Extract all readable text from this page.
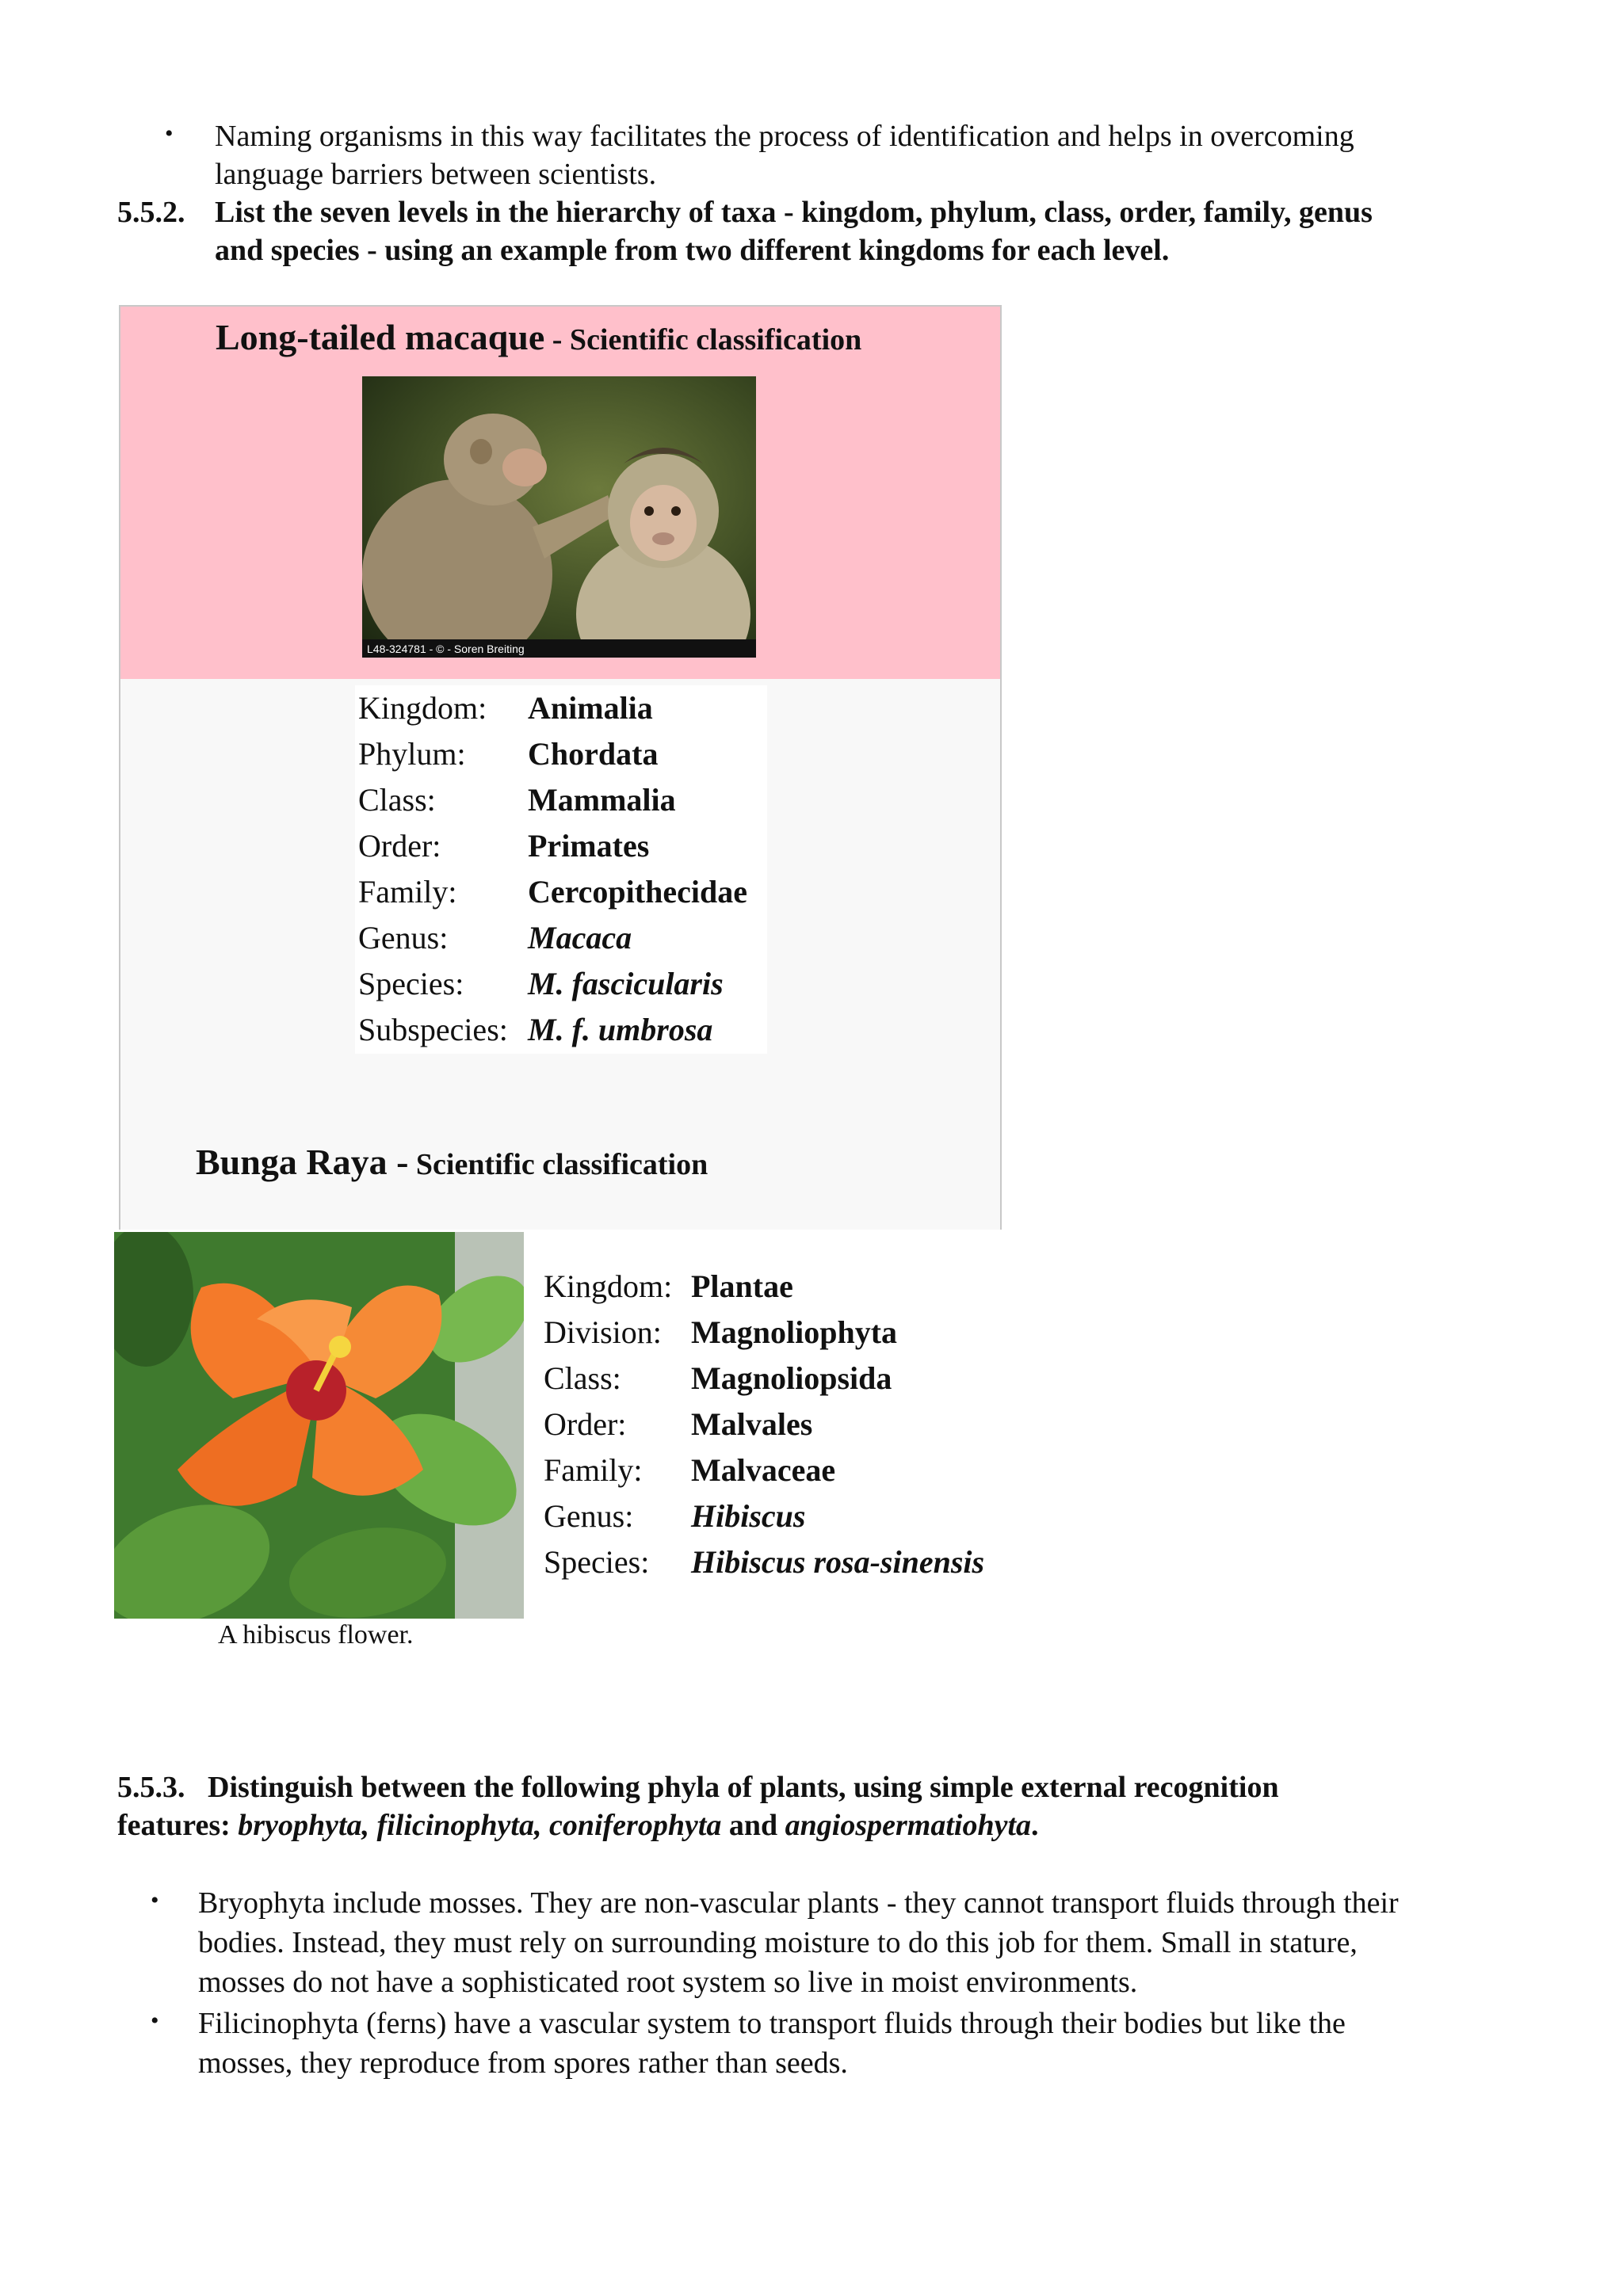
• Naming organisms in this way facilitates the process of identification and helps in overcoming
language barriers between scientists.
5.5.2. List the seven levels in the hierarchy of taxa - kingdom, phylum, class, order, family, genus
and species - using an example from two different kingdoms for each level.
Long-tailed macaque - Scientific classification
L48-324781 - © - Soren Breiting
Kingdom: Animalia
Phylum: Chordata
Class:	Mammalia
Order:	Primates
Family: Cercopithecidae
Genus:	Macaca
Species: M. fascicularis
Subspecies: M. f. umbrosa
Bunga Raya - Scientific classification
A hibiscus flower.
Kingdom: Plantae
Division: Magnoliophyta
Class: Magnoliopsida
Order: Malvales
Family: Malvaceae
Genus: Hibiscus
Species: Hibiscus rosa-sinensis
5.5.3. Distinguish between the following phyla of plants, using simple external recognition
features: bryophyta, filicinophyta, coniferophyta and angiospermatiohyta.
• Bryophyta include mosses. They are non-vascular plants - they cannot transport fluids through their
bodies. Instead, they must rely on surrounding moisture to do this job for them. Small in stature,
mosses do not have a sophisticated root system so live in moist environments.
• Filicinophyta (ferns) have a vascular system to transport fluids through their bodies but like the
mosses, they reproduce from spores rather than seeds.
